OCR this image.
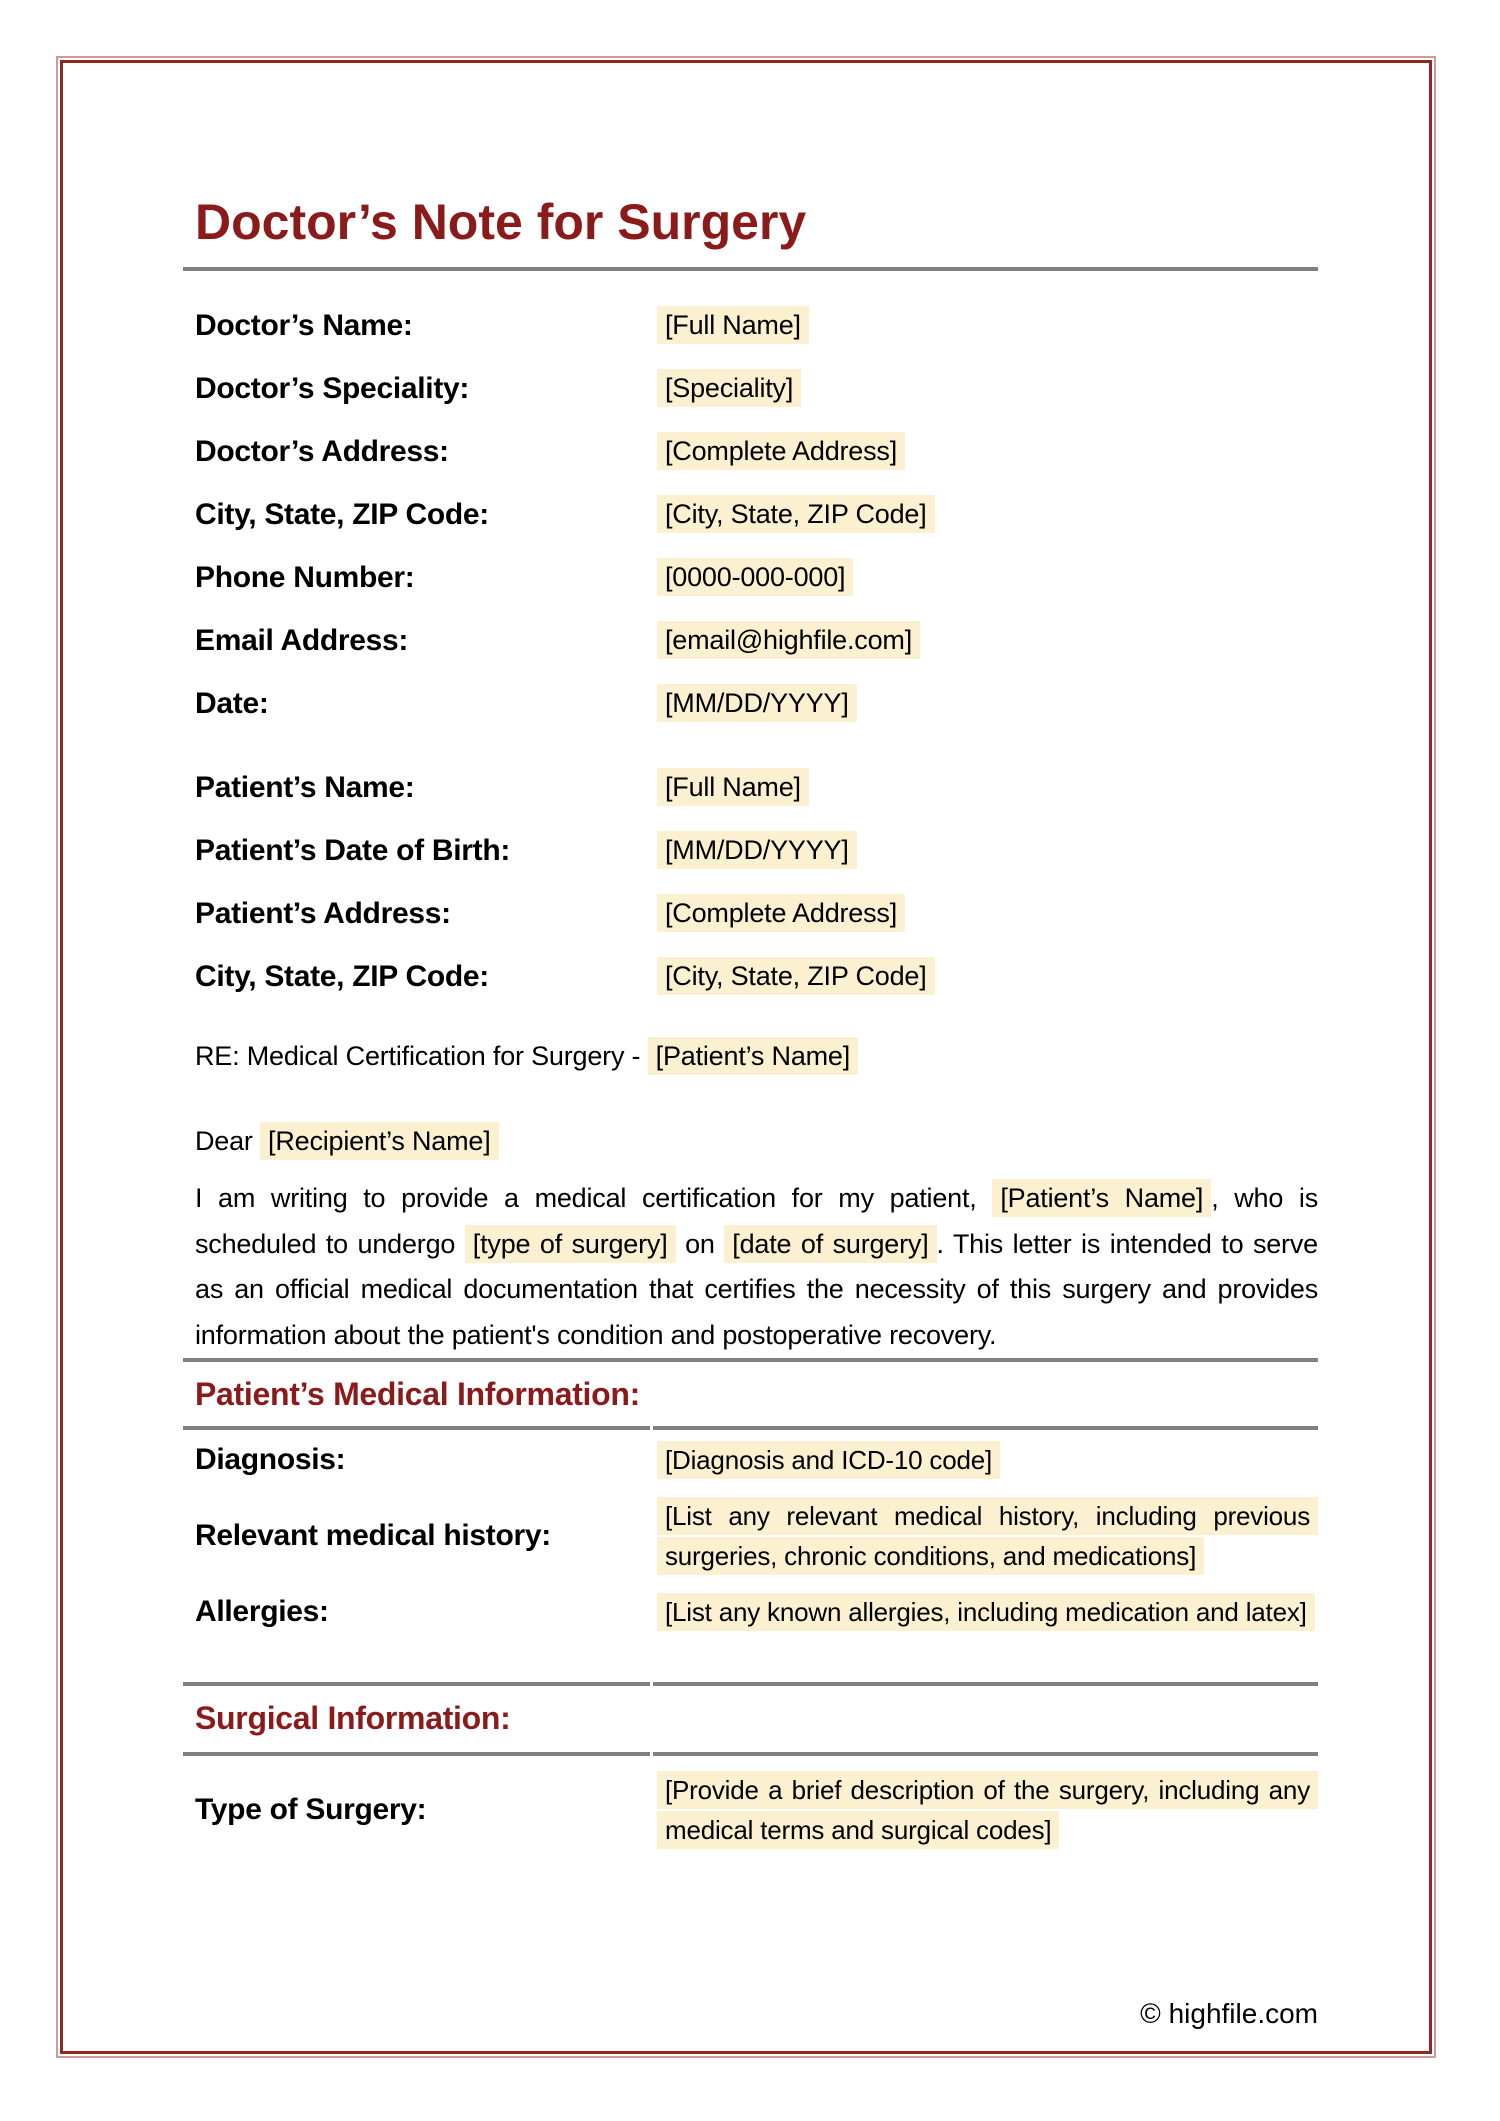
Doctor’s Note for Surgery
Doctor’s Name:	[Full Name]
Doctor’s Speciality:	[Speciality]
Doctor’s Address:	[Complete Address]
City, State, ZIP Code:	[City, State, ZIP Code]
Phone Number:	[0000-000-000]
Email Address:	[email@highfile.com]
Date:	[MM/DD/YYYY]
Patient’s Name:	[Full Name]
Patient’s Date of Birth:	[MM/DD/YYYY]
Patient’s Address:	[Complete Address]
City, State, ZIP Code:	[City, State, ZIP Code]
RE: Medical Certification for Surgery - [Patient’s Name]
Dear [Recipient’s Name]
I am writing to provide a medical certification for my patient, [Patient’s Name] , who is scheduled to undergo [type of surgery] on [date of surgery] . This letter is intended to serve as an official medical documentation that certifies the necessity of this surgery and provides information about the patient's condition and postoperative recovery.
Patient’s Medical Information:
Diagnosis:	[Diagnosis and ICD-10 code]
Relevant medical history:
[List any relevant medical history, including previous surgeries, chronic conditions, and medications]
Allergies:	[List any known allergies, including medication and latex]
Surgical Information:
Type of Surgery:
[Provide a brief description of the surgery, including any medical terms and surgical codes]
© highfile.com
